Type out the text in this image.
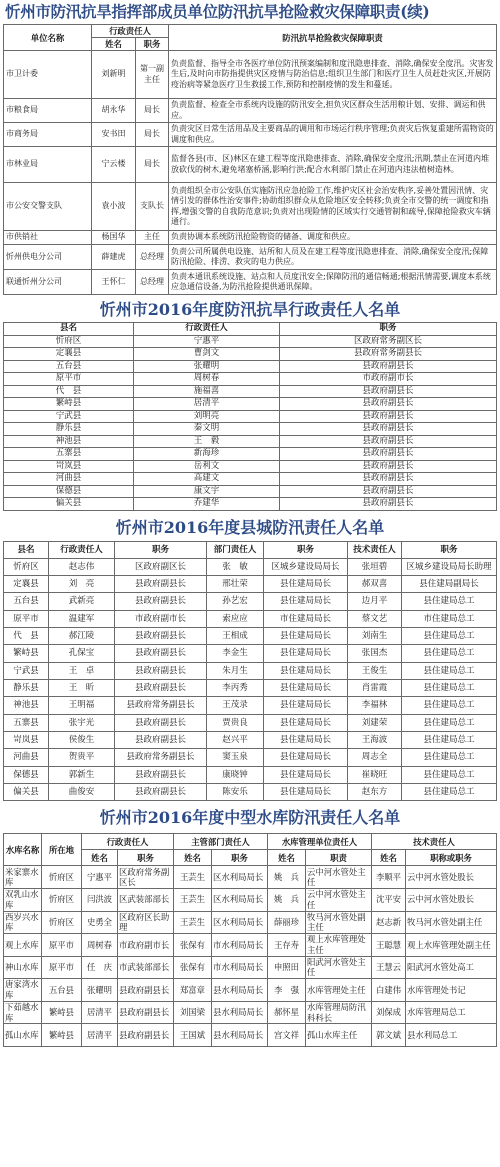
忻州市防汛抗旱指挥部成员单位防汛抗旱抢险救灾保障职责(续)
单位名称	行政责任人		防汛抗旱抢险救灾保障职责
	姓名	职务	
市卫计委	刘新明	第一副主任	负责监督、指导全市各医疗单位防汛预案编制和度汛隐患排查、消除,确保安全度汛。灾害发生后,及时向市防指提供灾区疫情与防治信息;组织卫生部门和医疗卫生人员赶赴灾区,开展防疫治病等紧急医疗卫生救援工作,预防和控制疫情的发生和蔓延。
市粮食局	胡永华	局长	负责监督、检查全市系统内设施的防汛安全,担负灾区群众生活用粮计划、安排、调运和供应。
市商务局	安书田	局长	负责灾区日常生活用品及主要商品的调用和市场运行秩序管理;负责灾后恢复重建所需物资的调度和供应。
市林业局	宁云楼	局长	监督各县(市、区)林区在建工程等度汛隐患排查、消除,确保安全度汛;汛期,禁止在河道内堆放砍伐的树木,避免堵塞桥涵,影响行洪;配合水利部门禁止在河道内违法植树造林。
市公安交警支队	袁小波	支队长	负责组织全市公安队伍实施防汛应急抢险工作,维护灾区社会治安秩序,妥善处置因汛情、灾情引发的群体性治安事件;协助组织群众从危险地区安全转移;负责全市交警的统一调度和指挥,增强交警的自我防范意识;负责对出现险情的区域实行交通管制和疏导,保障抢险救灾车辆通行。
市供销社	杨国华	主任	负责协调本系统防汛抢险物资的储备、调度和供应。
忻州供电分公司	薛建虎	总经理	负责公司所属供电设施、站所和人员及在建工程等度汛隐患排查、消除,确保安全度汛;保障防汛抢险、排涝、救灾的电力供应。
联通忻州分公司	王怀仁	总经理	负责本通讯系统设施、站点和人员度汛安全;保障防汛的通信畅通;根据汛情需要,调度本系统应急通信设备,为防汛抢险提供通讯保障。
忻州市2016年度防汛抗旱行政责任人名单
县名	行政责任人	职务
忻府区	宁惠平	区政府常务副区长
定襄县	曹剑文	县政府常务副县长
五台县	张耀明	县政府副县长
原平市	周树春	市政府副市长
代　县	施福喜	县政府副县长
繁峙县	居清平	县政府副县长
宁武县	刘明亮	县政府副县长
静乐县	秦文明	县政府副县长
神池县	王　毅	县政府副县长
五寨县	新海珍	县政府副县长
岢岚县	岳利文	县政府副县长
河曲县	高建文	县政府副县长
保德县	康文宇	县政府副县长
偏关县	乔建华	县政府副县长
忻州市2016年度县城防汛责任人名单
县名	行政责任人	职务	部门责任人	职务	技术责任人	职务
忻府区	赵志伟	区政府副区长	张　敏	区城乡建设局局长	张垣碧	区城乡建设局局长助理
定襄县	刘　亮	县政府副县长	邢壮荣	县住建局局长	郝双喜	县住建局副局长
五台县	武新亮	县政府副县长	孙艺宏	县住建局局长	边月平	县住建局总工
原平市	温建军	市政府副市长	索应应	市住建局局长	蔡文艺	市住建局总工
代　县	郝江陵	县政府副县长	王相成	县住建局局长	刘南生	县住建局总工
繁峙县	孔保宝	县政府副县长	李金生	县住建局局长	张国杰	县住建局总工
宁武县	王　卓	县政府副县长	朱月生	县住建局局长	王俊生	县住建局总工
静乐县	王　昕	县政府副县长	李丙秀	县住建局局长	肖雷霞	县住建局总工
神池县	王明福	县政府常务副县长	王茂录	县住建局局长	李福林	县住建局总工
五寨县	张宇光	县政府副县长	贾贵良	县住建局局长	刘建荣	县住建局总工
岢岚县	侯俊生	县政府副县长	赵兴平	县住建局局长	王海波	县住建局总工
河曲县	贺贵平	县政府常务副县长	窦玉泉	县住建局局长	周志全	县住建局总工
保德县	郭新生	县政府副县长	康晓钟	县住建局局长	崔晓旺	县住建局总工
偏关县	曲俊安	县政府副县长	陈安乐	县住建局局长	赵东方	县住建局总工
忻州市2016年度中型水库防汛责任人名单
水库名称	所在地	行政责任人		主管部门责任人		水库管理单位责任人		技术责任人	
		姓名	职务	姓名	职务	姓名	职责	姓名	职称或职务
米家寨水库	忻府区	宁惠平	区政府常务副区长	王芸生	区水利局局长	姚　兵	云中河水管处主任	李顺平	云中河水管处股长
双乳山水库	忻府区	闫洪波	区武装部部长	王芸生	区水利局局长	姚　兵	云中河水管处主任	沈平安	云中河水管处股长
西岁兴水库	忻府区	史勇全	区政府区长助理	王芸生	区水利局局长	薛丽珍	牧马河水管处副主任	赵志新	牧马河水管处副主任
观上水库	原平市	周树春	市政府副市长	张保有	市水利局局长	王存寿	观上水库管理处主任	王聪慧	观上水库管理处副主任
神山水库	原平市	任　庆	市武装部部长	张保有	市水利局局长	申照田	阳武河水管处主任	王慧云	阳武河水管处高工
唐家湾水库	五台县	张耀明	县政府副县长	郑富章	县水利局局长	李　强	水库管理处主任	白建伟	水库管理处书记
下茹越水库	繁峙县	居清平	县政府副县长	刘国梁	县水利局局长	郝怀星	水库管理局防汛科科长	刘保成	水库管理局总工
孤山水库	繁峙县	居清平	县政府副县长	王国斌	县水利局局长	宫文祥	孤山水库主任	郭文斌	县水利局总工
